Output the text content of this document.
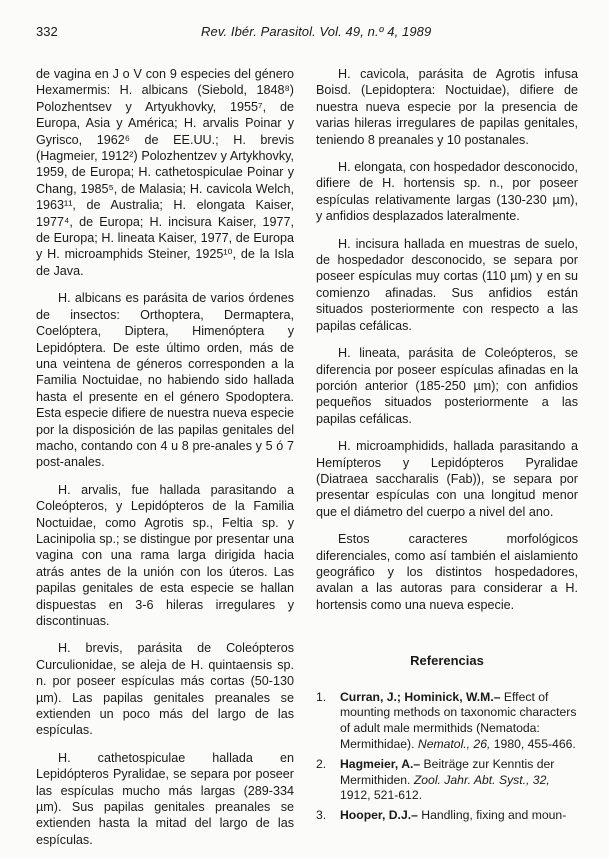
332	Rev. Ibér. Parasitol. Vol. 49, n.º 4, 1989

de vagina en J o V con 9 especies del género Hexamermis: H. albicans (Siebold, 1848⁸) Polozhentsev y Artyukhovky, 1955⁷, de Europa, Asia y América; H. arvalis Poinar y Gyrisco, 1962⁶ de EE.UU.; H. brevis (Hagmeier, 1912²) Polozhentzev y Artykhovky, 1959, de Europa; H. cathetospiculae Poinar y Chang, 1985⁵, de Malasia; H. cavicola Welch, 1963¹¹, de Australia; H. elongata Kaiser, 1977⁴, de Europa; H. incisura Kaiser, 1977, de Europa; H. lineata Kaiser, 1977, de Europa y H. microamphids Steiner, 1925¹⁰, de la Isla de Java.

H. albicans es parásita de varios órdenes de insectos: Orthoptera, Dermaptera, Coelóptera, Diptera, Himenóptera y Lepidóptera. De este último orden, más de una veintena de géneros corresponden a la Familia Noctuidae, no habiendo sido hallada hasta el presente en el género Spodoptera. Esta especie difiere de nuestra nueva especie por la disposición de las papilas genitales del macho, contando con 4 u 8 pre-anales y 5 ó 7 post-anales.

H. arvalis, fue hallada parasitando a Coleópteros, y Lepidópteros de la Familia Noctuidae, como Agrotis sp., Feltia sp. y Lacinipolia sp.; se distingue por presentar una vagina con una rama larga dirigida hacia atrás antes de la unión con los úteros. Las papilas genitales de esta especie se hallan dispuestas en 3-6 hileras irregulares y discontinuas.

H. brevis, parásita de Coleópteros Curculionidae, se aleja de H. quintaensis sp. n. por poseer espículas más cortas (50-130 µm). Las papilas genitales preanales se extienden un poco más del largo de las espículas.

H. cathetospiculae hallada en Lepidópteros Pyralidae, se separa por poseer las espículas mucho más largas (289-334 µm). Sus papilas genitales preanales se extienden hasta la mitad del largo de las espículas.

H. cavicola, parásita de Agrotis infusa Boisd. (Lepidoptera: Noctuidae), difiere de nuestra nueva especie por la presencia de varias hileras irregulares de papilas genitales, teniendo 8 preanales y 10 postanales.

H. elongata, con hospedador desconocido, difiere de H. hortensis sp. n., por poseer espículas relativamente largas (130-230 µm), y anfidios desplazados lateralmente.

H. incisura hallada en muestras de suelo, de hospedador desconocido, se separa por poseer espículas muy cortas (110 µm) y en su comienzo afinadas. Sus anfidios están situados posteriormente con respecto a las papilas cefálicas.

H. lineata, parásita de Coleópteros, se diferencia por poseer espículas afinadas en la porción anterior (185-250 µm); con anfidios pequeños situados posteriormente a las papilas cefálicas.

H. microamphidids, hallada parasitando a Hemípteros y Lepidópteros Pyralidae (Diatraea saccharalis (Fab)), se separa por presentar espículas con una longitud menor que el diámetro del cuerpo a nivel del ano.

Estos caracteres morfológicos diferenciales, como así también el aislamiento geográfico y los distintos hospedadores, avalan a las autoras para considerar a H. hortensis como una nueva especie.

Referencias
1. Curran, J.; Hominick, W.M.– Effect of mounting methods on taxonomic characters of adult male mermithids (Nematoda: Mermithidae). Nematol., 26, 1980, 455-466.
2. Hagmeier, A.– Beiträge zur Kenntis der Mermithiden. Zool. Jahr. Abt. Syst., 32, 1912, 521-612.
3. Hooper, D.J.– Handling, fixing and moun-
